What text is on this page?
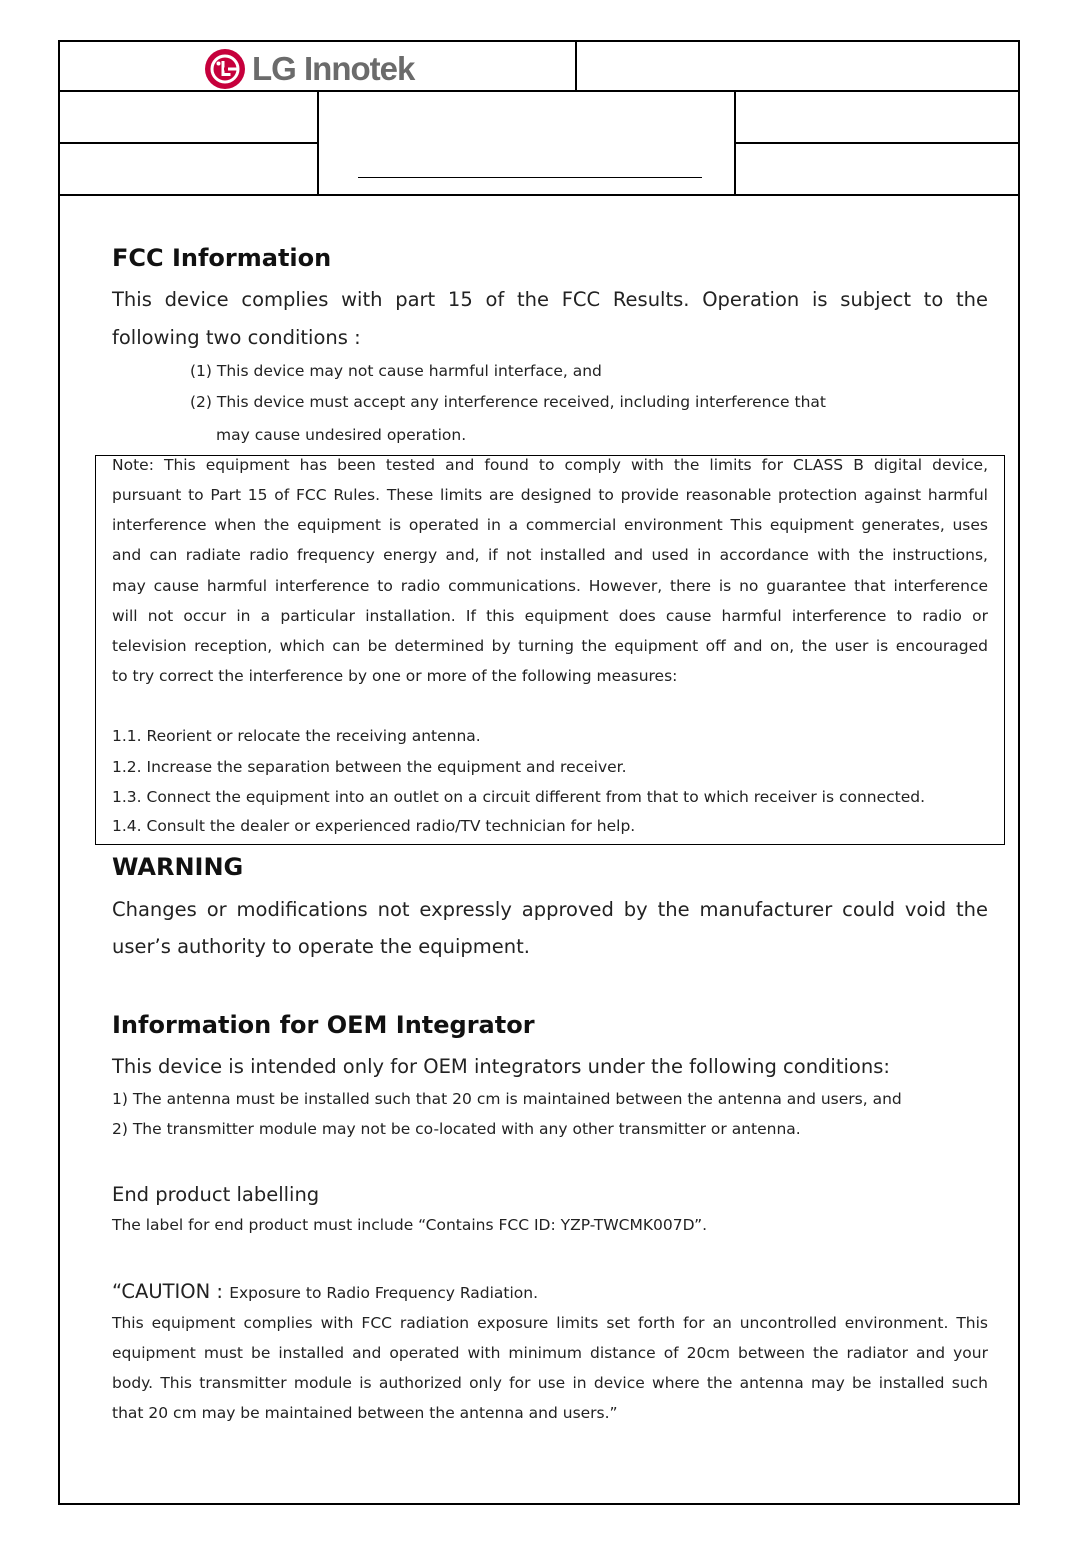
LG Innotek
FCC Information
This device complies with part 15 of the FCC Results. Operation is subject to the
following two conditions :
(1) This device may not cause harmful interface, and
(2) This device must accept any interference received, including interference that
may cause undesired operation.
Note: This equipment has been tested and found to comply with the limits for CLASS B digital device,
pursuant to Part 15 of FCC Rules. These limits are designed to provide reasonable protection against harmful
interference when the equipment is operated in a commercial environment This equipment generates, uses
and can radiate radio frequency energy and, if not installed and used in accordance with the instructions,
may cause harmful interference to radio communications. However, there is no guarantee that interference
will not occur in a particular installation. If this equipment does cause harmful interference to radio or
television reception, which can be determined by turning the equipment off and on, the user is encouraged
to try correct the interference by one or more of the following measures:
1.1. Reorient or relocate the receiving antenna.
1.2. Increase the separation between the equipment and receiver.
1.3. Connect the equipment into an outlet on a circuit different from that to which receiver is connected.
1.4. Consult the dealer or experienced radio/TV technician for help.
WARNING
Changes or modifications not expressly approved by the manufacturer could void the
user’s authority to operate the equipment.
Information for OEM Integrator
This device is intended only for OEM integrators under the following conditions:
1) The antenna must be installed such that 20 cm is maintained between the antenna and users, and
2) The transmitter module may not be co-located with any other transmitter or antenna.
End product labelling
The label for end product must include “Contains FCC ID: YZP-TWCMK007D”.
“CAUTION : Exposure to Radio Frequency Radiation.
This equipment complies with FCC radiation exposure limits set forth for an uncontrolled environment. This
equipment must be installed and operated with minimum distance of 20cm between the radiator and your
body. This transmitter module is authorized only for use in device where the antenna may be installed such
that 20 cm may be maintained between the antenna and users.”
